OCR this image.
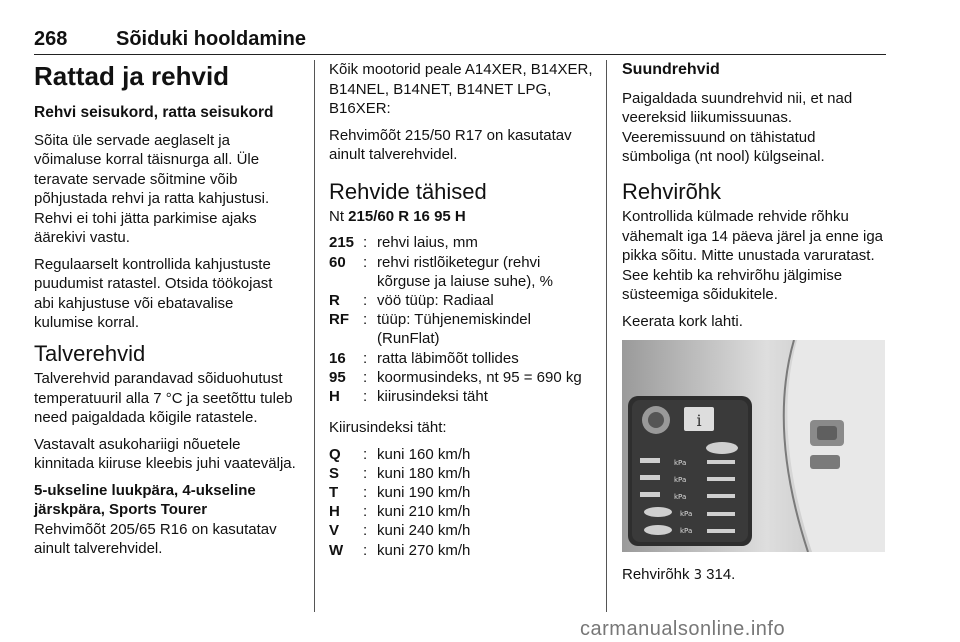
268 Sõiduki hooldamine
Rattad ja rehvid
Rehvi seisukord, ratta seisukord

Sõita üle servade aeglaselt ja võimaluse korral täisnurga all. Üle teravate servade sõitmine võib põhjustada rehvi ja ratta kahjustusi. Rehvi ei tohi jätta parkimise ajaks äärekivi vastu.

Regulaarselt kontrollida kahjustuste puudumist ratastel. Otsida töökojast abi kahjustuse või ebatavalise kulumise korral.

Talverehvid

Talverehvid parandavad sõiduohutust temperatuuril alla 7 °C ja seetõttu tuleb need paigaldada kõigile ratastele.

Vastavalt asukohariigi nõuetele kinnitada kiiruse kleebis juhi vaatevälja.

5-ukseline luukpära, 4-ukseline järskpära, Sports Tourer

Rehvimõõt 205/65 R16 on kasutatav ainult talverehvidel.

Kõik mootorid peale A14XER, B14XER, B14NEL, B14NET, B14NET LPG, B16XER:

Rehvimõõt 215/50 R17 on kasutatav ainult talverehvidel.

Rehvide tähised

Nt 215/60 R 16 95 H

215 : rehvi laius, mm
60	: rehvi ristlõiketegur (rehvi kõrguse ja laiuse suhe), %
R	: vöö tüüp: Radiaal
RF : tüüp: Tühjenemiskindel (RunFlat)
16	: ratta läbimõõt tollides
95	: koormusindeks, nt 95 = 690 kg
H	: kiirusindeksi täht

Kiirusindeksi täht:

Q	: kuni 160 km/h
S	: kuni 180 km/h
T	: kuni 190 km/h
H	: kuni 210 km/h
V	: kuni 240 km/h
W	: kuni 270 km/h
Suundrehvid

Paigaldada suundrehvid nii, et nad veereksid liikumissuunas. Veeremissuund on tähistatud sümboliga (nt nool) külgseinal.

Rehvirõhk

Kontrollida külmade rehvide rõhku vähemalt iga 14 päeva järel ja enne iga pikka sõitu. Mitte unustada varuratast. See kehtib ka rehvirõhu jälgimise süsteemiga sõidukitele.

Keerata kork lahti.

i
kPa
kPa
kPa
kPa
kPa
Rehvirõhk 3 314.
carmanualsonline.info
